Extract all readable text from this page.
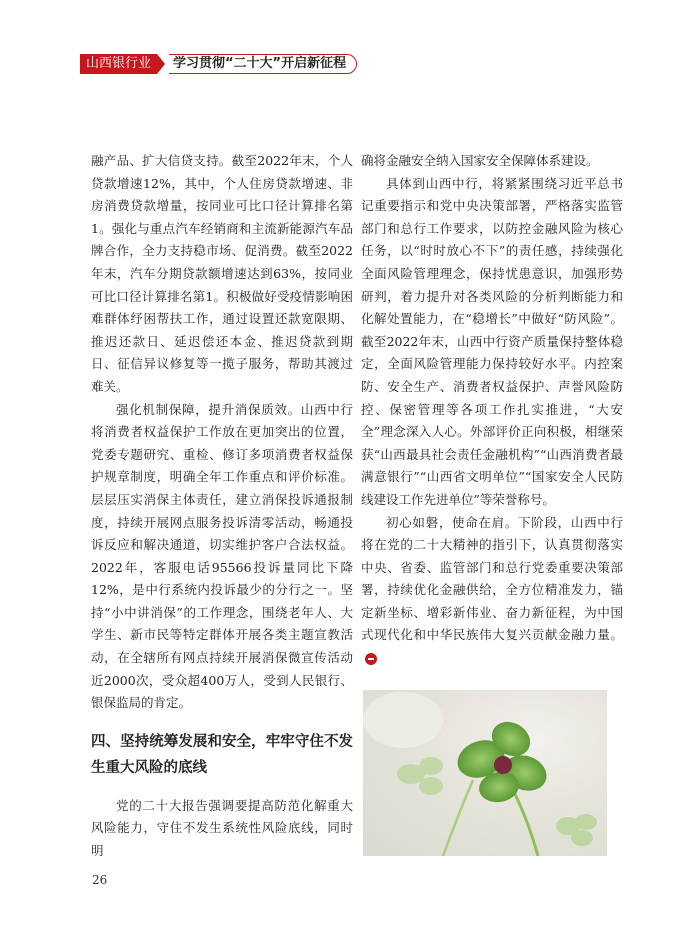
山西银行业	学习贯彻“二十大”开启新征程

融产品、扩大信贷支持。截至2022年末，个人贷款增速12%，其中，个人住房贷款增速、非房消费贷款增量，按同业可比口径计算排名第1。强化与重点汽车经销商和主流新能源汽车品牌合作，全力支持稳市场、促消费。截至2022年末，汽车分期贷款额增速达到63%，按同业可比口径计算排名第1。积极做好受疫情影响困难群体纾困帮扶工作，通过设置还款宽限期、推迟还款日、延迟偿还本金、推迟贷款到期日、征信异议修复等一揽子服务，帮助其渡过难关。

强化机制保障，提升消保质效。山西中行将消费者权益保护工作放在更加突出的位置，党委专题研究、重检、修订多项消费者权益保护规章制度，明确全年工作重点和评价标准。层层压实消保主体责任，建立消保投诉通报制度，持续开展网点服务投诉清零活动，畅通投诉反应和解决通道，切实维护客户合法权益。2022年，客服电话95566投诉量同比下降12%，是中行系统内投诉最少的分行之一。坚持“小中讲消保”的工作理念，围绕老年人、大学生、新市民等特定群体开展各类主题宣教活动，在全辖所有网点持续开展消保微宣传活动近2000次，受众超400万人，受到人民银行、银保监局的肯定。

四、坚持统筹发展和安全，牢牢守住不发生重大风险的底线

党的二十大报告强调要提高防范化解重大风险能力，守住不发生系统性风险底线，同时明

确将金融安全纳入国家安全保障体系建设。

具体到山西中行，将紧紧围绕习近平总书记重要指示和党中央决策部署，严格落实监管部门和总行工作要求，以防控金融风险为核心任务，以“时时放心不下”的责任感，持续强化全面风险管理理念，保持忧患意识，加强形势研判，着力提升对各类风险的分析判断能力和化解处置能力，在“稳增长”中做好“防风险”。截至2022年末，山西中行资产质量保持整体稳定，全面风险管理能力保持较好水平。内控案防、安全生产、消费者权益保护、声誉风险防控、保密管理等各项工作扎实推进，“大安全”理念深入人心。外部评价正向积极，相继荣获“山西最具社会责任金融机构”“山西消费者最满意银行”“山西省文明单位”“国家安全人民防线建设工作先进单位”等荣誉称号。

初心如磐，使命在肩。下阶段，山西中行将在党的二十大精神的指引下，认真贯彻落实中央、省委、监管部门和总行党委重要决策部署，持续优化金融供给，全方位精准发力，锚定新坐标、增彩新伟业、奋力新征程，为中国式现代化和中华民族伟大复兴贡献金融力量。

26
